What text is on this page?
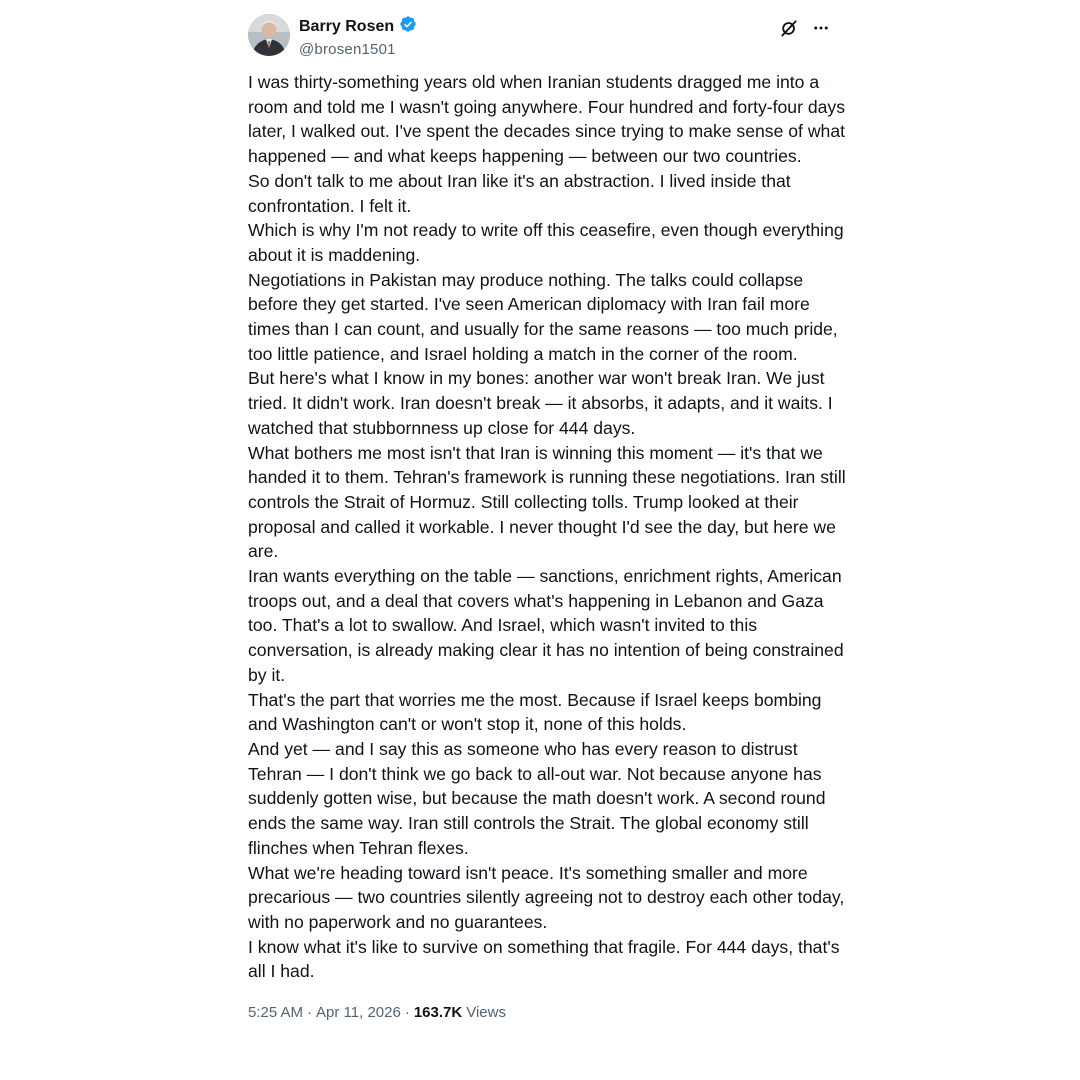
Barry Rosen
@brosen1501

I was thirty-something years old when Iranian students dragged me into a room and told me I wasn't going anywhere. Four hundred and forty-four days later, I walked out. I've spent the decades since trying to make sense of what happened — and what keeps happening — between our two countries.

So don't talk to me about Iran like it's an abstraction. I lived inside that confrontation. I felt it.

Which is why I'm not ready to write off this ceasefire, even though everything about it is maddening.

Negotiations in Pakistan may produce nothing. The talks could collapse before they get started. I've seen American diplomacy with Iran fail more times than I can count, and usually for the same reasons — too much pride, too little patience, and Israel holding a match in the corner of the room.

But here's what I know in my bones: another war won't break Iran. We just tried. It didn't work. Iran doesn't break — it absorbs, it adapts, and it waits. I watched that stubbornness up close for 444 days.

What bothers me most isn't that Iran is winning this moment — it's that we handed it to them. Tehran's framework is running these negotiations. Iran still controls the Strait of Hormuz. Still collecting tolls. Trump looked at their proposal and called it workable. I never thought I'd see the day, but here we are.

Iran wants everything on the table — sanctions, enrichment rights, American troops out, and a deal that covers what's happening in Lebanon and Gaza too. That's a lot to swallow. And Israel, which wasn't invited to this conversation, is already making clear it has no intention of being constrained by it.

That's the part that worries me the most. Because if Israel keeps bombing and Washington can't or won't stop it, none of this holds.

And yet — and I say this as someone who has every reason to distrust Tehran — I don't think we go back to all-out war. Not because anyone has suddenly gotten wise, but because the math doesn't work. A second round ends the same way. Iran still controls the Strait. The global economy still flinches when Tehran flexes.

What we're heading toward isn't peace. It's something smaller and more precarious — two countries silently agreeing not to destroy each other today, with no paperwork and no guarantees.

I know what it's like to survive on something that fragile. For 444 days, that's all I had.

5:25 AM · Apr 11, 2026 · 163.7K Views
